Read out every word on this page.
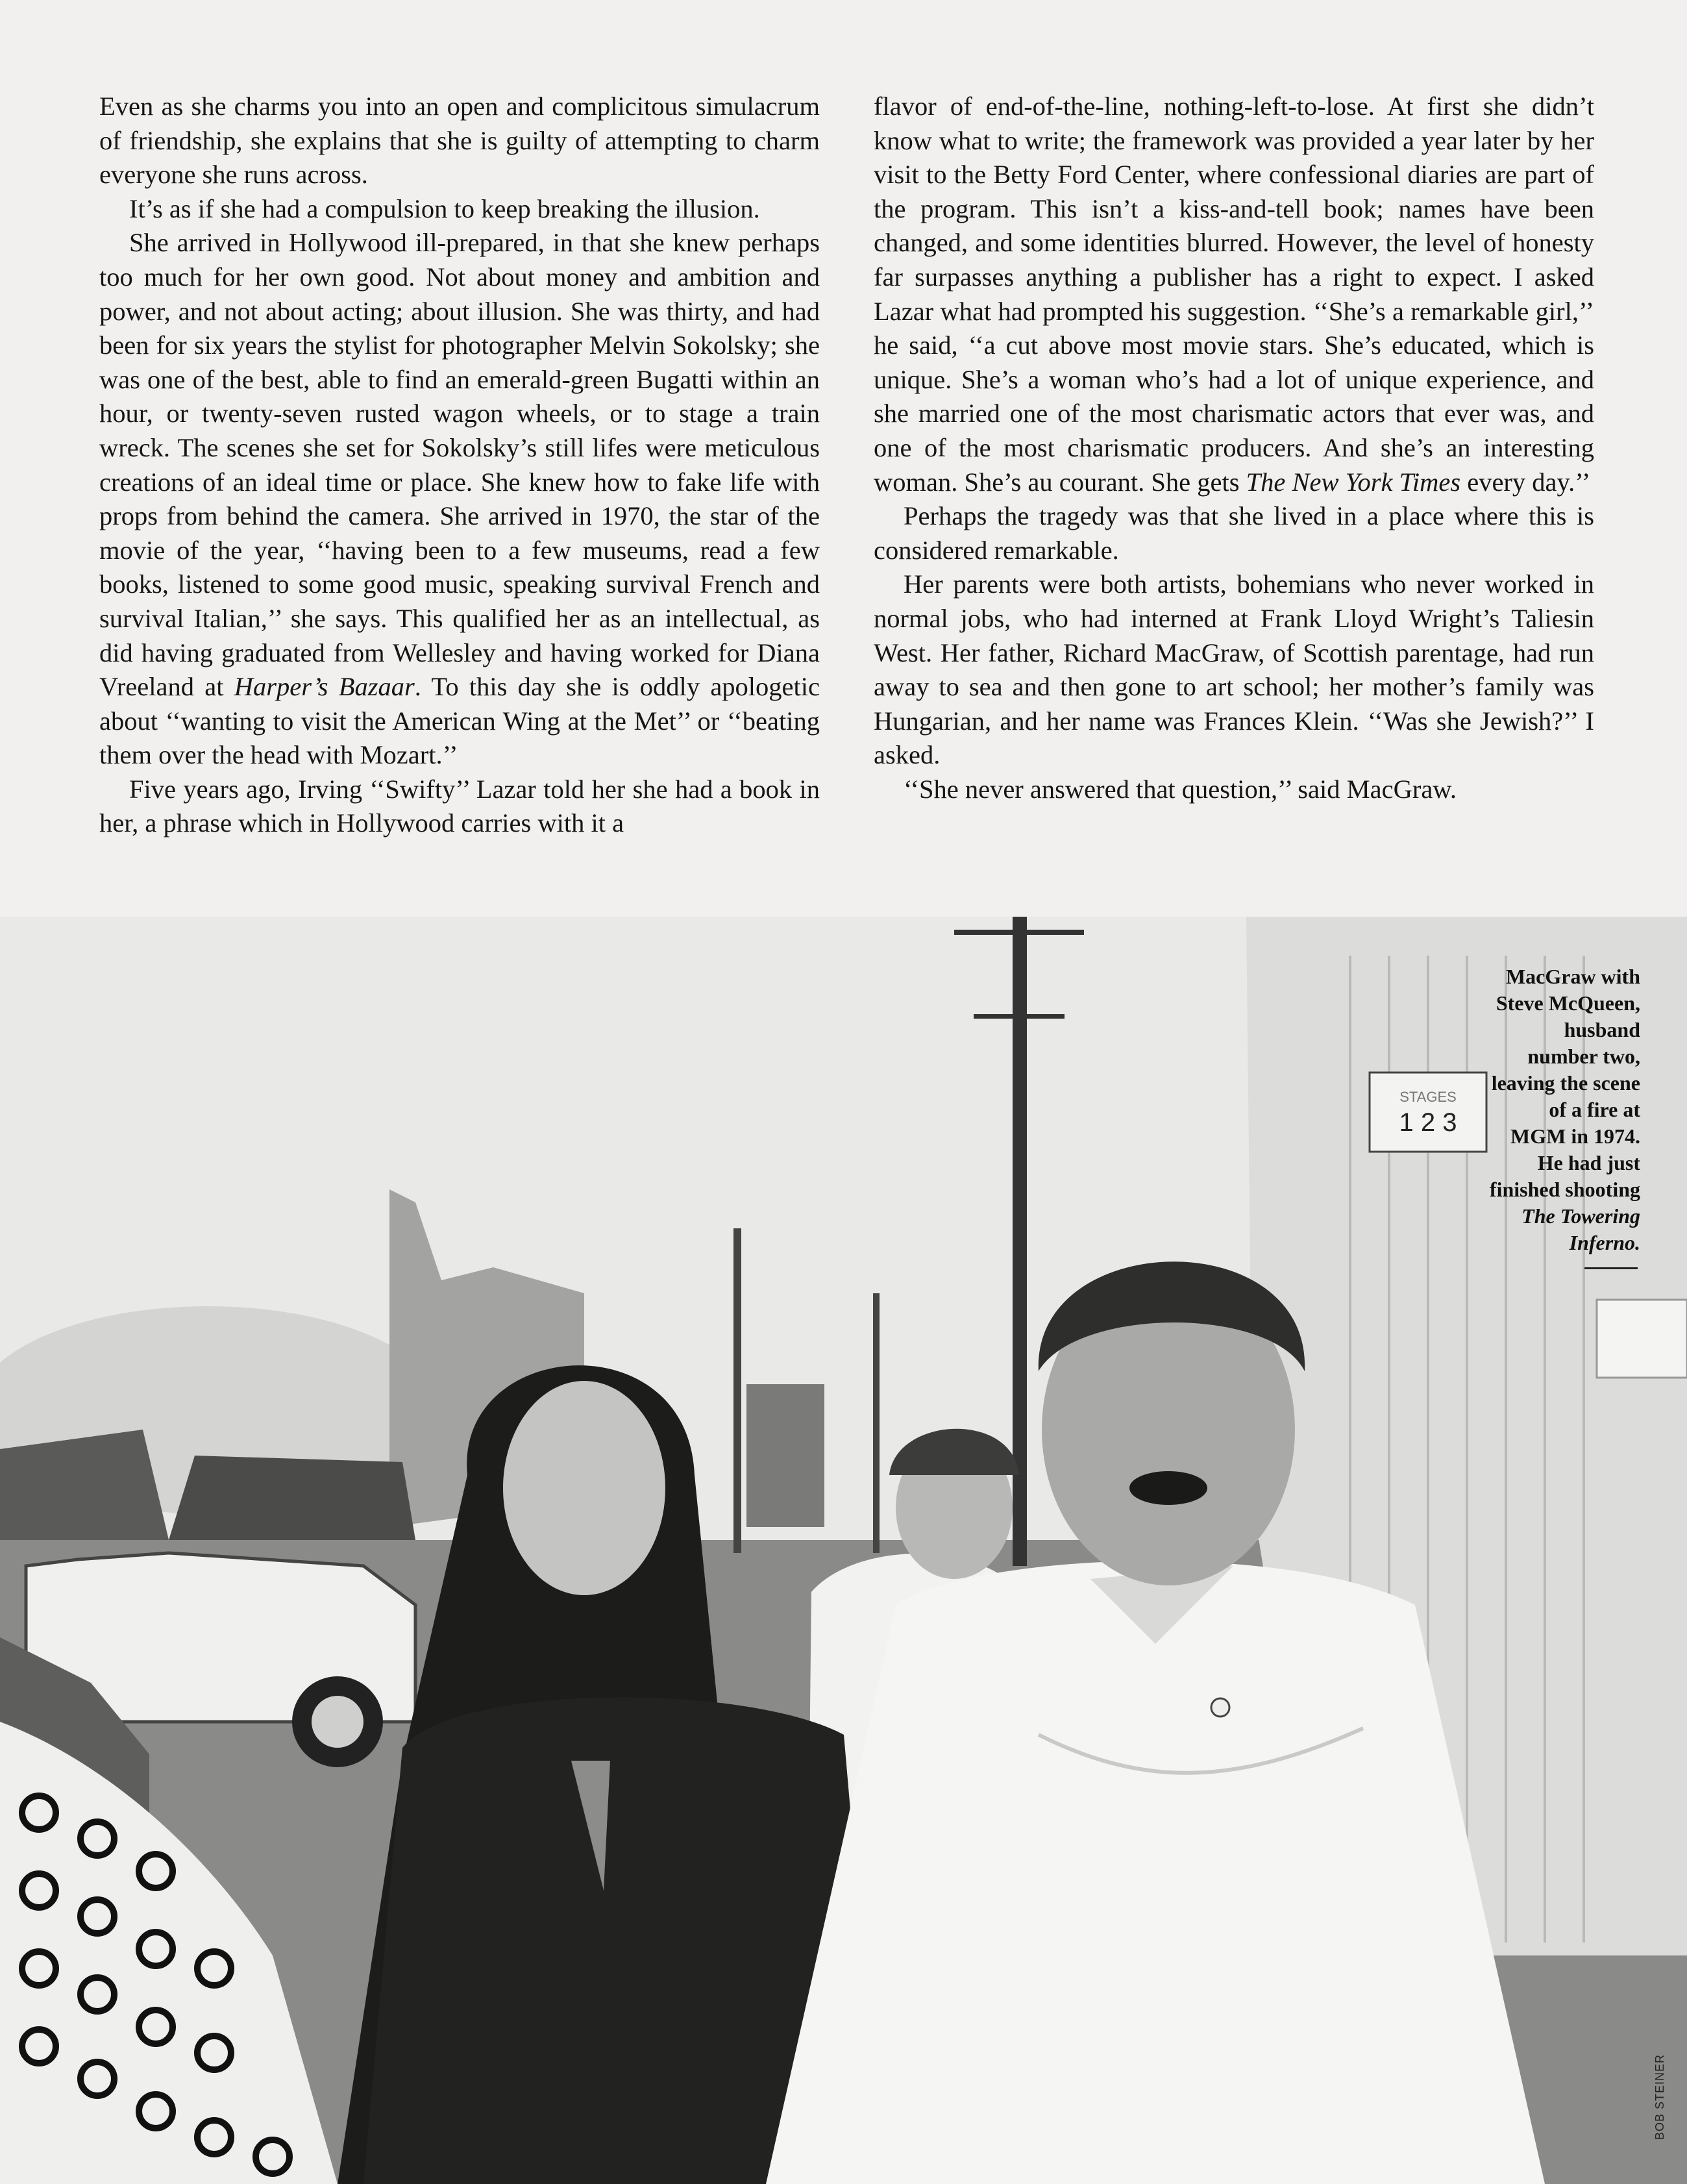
Even as she charms you into an open and complicitous simulacrum of friendship, she explains that she is guilty of attempting to charm everyone she runs across.

It’s as if she had a compulsion to keep breaking the illusion.

She arrived in Hollywood ill-prepared, in that she knew perhaps too much for her own good. Not about money and ambition and power, and not about acting; about illusion. She was thirty, and had been for six years the stylist for photographer Melvin Sokolsky; she was one of the best, able to find an emerald-green Bugatti within an hour, or twenty-seven rusted wagon wheels, or to stage a train wreck. The scenes she set for Sokolsky’s still lifes were meticulous creations of an ideal time or place. She knew how to fake life with props from behind the camera. She arrived in 1970, the star of the movie of the year, ‘‘having been to a few museums, read a few books, listened to some good music, speaking survival French and survival Italian,’’ she says. This qualified her as an intellectual, as did having graduated from Wellesley and having worked for Diana Vreeland at Harper’s Bazaar. To this day she is oddly apologetic about ‘‘wanting to visit the American Wing at the Met’’ or ‘‘beating them over the head with Mozart.’’

Five years ago, Irving ‘‘Swifty’’ Lazar told her she had a book in her, a phrase which in Hollywood carries with it a

flavor of end-of-the-line, nothing-left-to-lose. At first she didn’t know what to write; the framework was provided a year later by her visit to the Betty Ford Center, where confessional diaries are part of the program. This isn’t a kiss-and-tell book; names have been changed, and some identities blurred. However, the level of honesty far surpasses anything a publisher has a right to expect. I asked Lazar what had prompted his suggestion. ‘‘She’s a remarkable girl,’’ he said, ‘‘a cut above most movie stars. She’s educated, which is unique. She’s a woman who’s had a lot of unique experience, and she married one of the most charismatic actors that ever was, and one of the most charismatic producers. And she’s an interesting woman. She’s au courant. She gets The New York Times every day.’’

Perhaps the tragedy was that she lived in a place where this is considered remarkable.

Her parents were both artists, bohemians who never worked in normal jobs, who had interned at Frank Lloyd Wright’s Taliesin West. Her father, Richard MacGraw, of Scottish parentage, had run away to sea and then gone to art school; her mother’s family was Hungarian, and her name was Frances Klein. ‘‘Was she Jewish?’’ I asked.

‘‘She never answered that question,’’ said MacGraw.

STAGES
1 2 3
MacGraw with
Steve McQueen,
husband
number two,
leaving the scene
of a fire at
MGM in 1974.
He had just
finished shooting
The Towering
Inferno.
BOB STEINER
